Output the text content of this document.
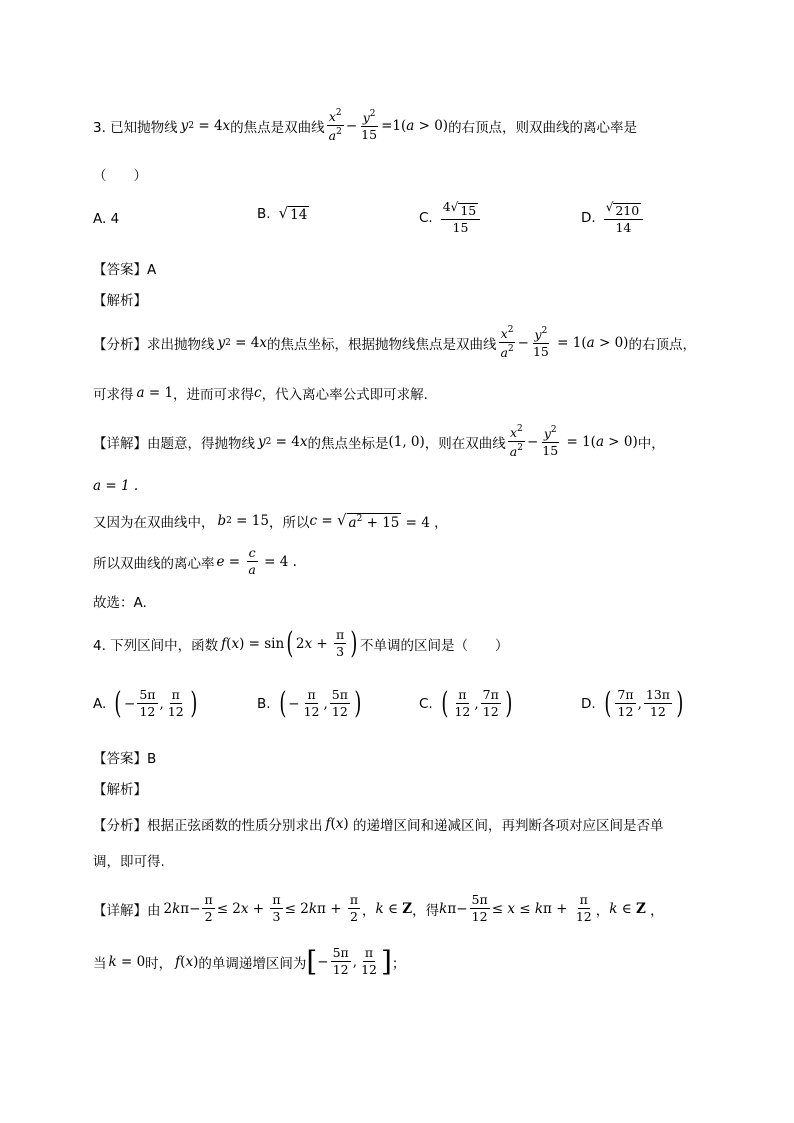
3. 已知抛物线 y 2 = 4 x 的焦点是双曲线 $\frac{x^2}{a^2} - \frac{y^2}{15} =1$ ( a > 0) 的右顶点，则双曲线的离心率是
（　　）
A. 4	B. √ 14	C. $\frac{4 √ 15}{15}$	D. $\frac{√ 210}{14}$
【答案】A
【解析】
【分析】求出抛物线 y 2 = 4 x 的焦点坐标，根据抛物线焦点是双曲线 $\frac{x^2}{a^2} - \frac{y^2}{15} = 1$( a > 0) 的右顶点，
可求得 a = 1 ，进而可求得 c ，代入离心率公式即可求解.
【详解】由题意，得抛物线 y 2 = 4 x 的焦点坐标是 (1, 0) ，则在双曲线 $\frac{x^2}{a^2} - \frac{y^2}{15} = 1$( a > 0) 中，
a = 1 .
又因为在双曲线中， b 2 = 15 ，所以 c = √ $a^2 + 15 = 4$ ，
所以双曲线的离心率 $e = \frac{c}{a} = 4$ .
故选：A.
4. 下列区间中，函数 f ( x ) = sin ( 2 $x + \frac{\pi}{3}$ ) 不单调的区间是（　　）
A. ( − $\frac{5\pi}{12}$ , $\frac{\pi}{12}$ )	B. ( − $\frac{\pi}{12}$ , $\frac{5\pi}{12}$ )	C. ( $\frac{\pi}{12}$ , $\frac{7\pi}{12}$ )	D. ( $\frac{7\pi}{12}$ , $\frac{13\pi}{12}$ )
【答案】B
【解析】
【分析】根据正弦函数的性质分别求出 f ( x ) 的递增区间和递减区间，再判断各项对应区间是否单
调，即可得.
【详解】由 2 k $\pi- \frac{\pi}{2} \le 2$ $x + \frac{\pi}{3} \le 2$ k $\pi + \frac{\pi}{2}$ ， k ∈ Z ，得 k $\pi- \frac{5\pi}{12} \le x \le k$ $\pi + \frac{\pi}{12}$ ， k ∈ Z ，
当 k = 0 时， f ( x ) 的单调递增区间为 [ − $\frac{5\pi}{12}$ , $\frac{\pi}{12}$ ] ；
